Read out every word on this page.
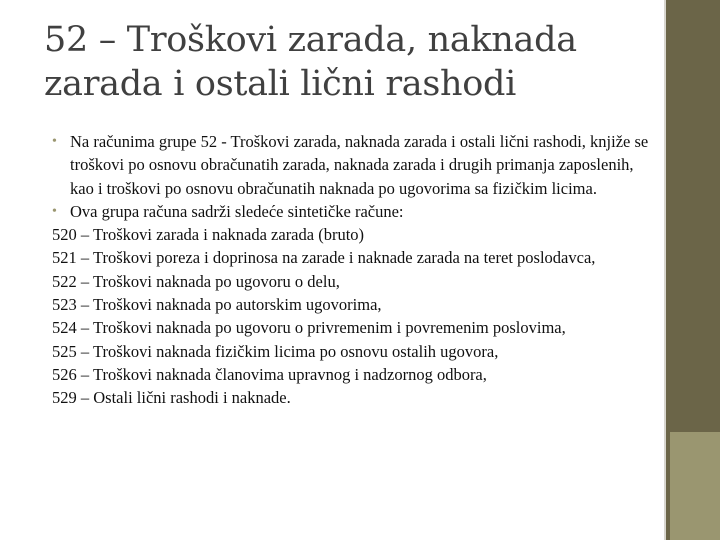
52 – Troškovi zarada, naknada
zarada i ostali lični rashodi

• Na računima grupe 52 - Troškovi zarada, naknada zarada i ostali lični rashodi, knjiže se troškovi po osnovu obračunatih zarada, naknada zarada i drugih primanja zaposlenih, kao i troškovi po osnovu obračunatih naknada po ugovorima sa fizičkim licima.

• Ova grupa računa sadrži sledeće sintetičke račune:

520 – Troškovi zarada i naknada zarada (bruto)

521 – Troškovi poreza i doprinosa na zarade i naknade zarada na teret poslodavca,

522 – Troškovi naknada po ugovoru o delu,

523 – Troškovi naknada po autorskim ugovorima,

524 – Troškovi naknada po ugovoru o privremenim i povremenim poslovima,

525 – Troškovi naknada fizičkim licima po osnovu ostalih ugovora,

526 – Troškovi naknada članovima upravnog i nadzornog odbora,

529 – Ostali lični rashodi i naknade.
